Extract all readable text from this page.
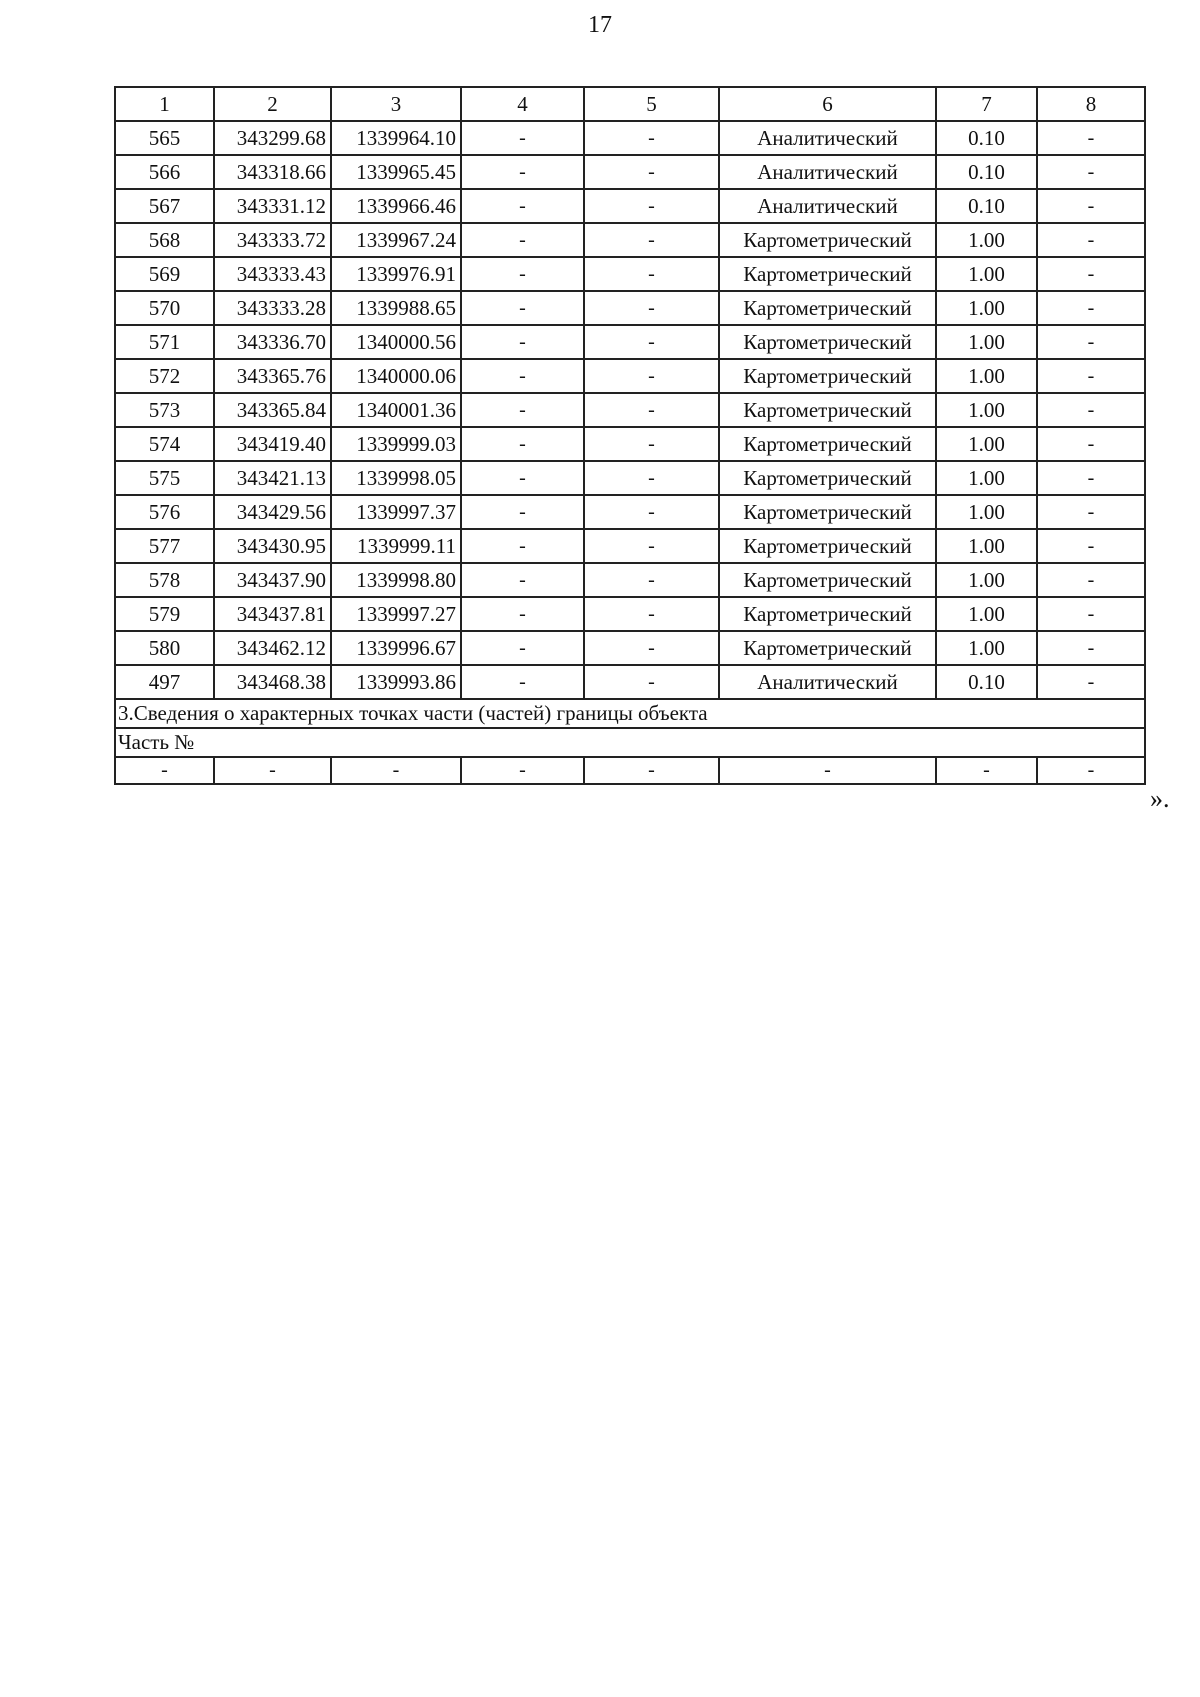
17
1	2	3	4	5	6	7	8
565	343299.68	1339964.10	-	-	Аналитический	0.10	-
566	343318.66	1339965.45	-	-	Аналитический	0.10	-
567	343331.12	1339966.46	-	-	Аналитический	0.10	-
568	343333.72	1339967.24	-	-	Картометрический	1.00	-
569	343333.43	1339976.91	-	-	Картометрический	1.00	-
570	343333.28	1339988.65	-	-	Картометрический	1.00	-
571	343336.70	1340000.56	-	-	Картометрический	1.00	-
572	343365.76	1340000.06	-	-	Картометрический	1.00	-
573	343365.84	1340001.36	-	-	Картометрический	1.00	-
574	343419.40	1339999.03	-	-	Картометрический	1.00	-
575	343421.13	1339998.05	-	-	Картометрический	1.00	-
576	343429.56	1339997.37	-	-	Картометрический	1.00	-
577	343430.95	1339999.11	-	-	Картометрический	1.00	-
578	343437.90	1339998.80	-	-	Картометрический	1.00	-
579	343437.81	1339997.27	-	-	Картометрический	1.00	-
580	343462.12	1339996.67	-	-	Картометрический	1.00	-
497	343468.38	1339993.86	-	-	Аналитический	0.10	-
3.Сведения о характерных точках части (частей) границы объекта							
Часть №							
-	-	-	-	-	-	-	-
».
